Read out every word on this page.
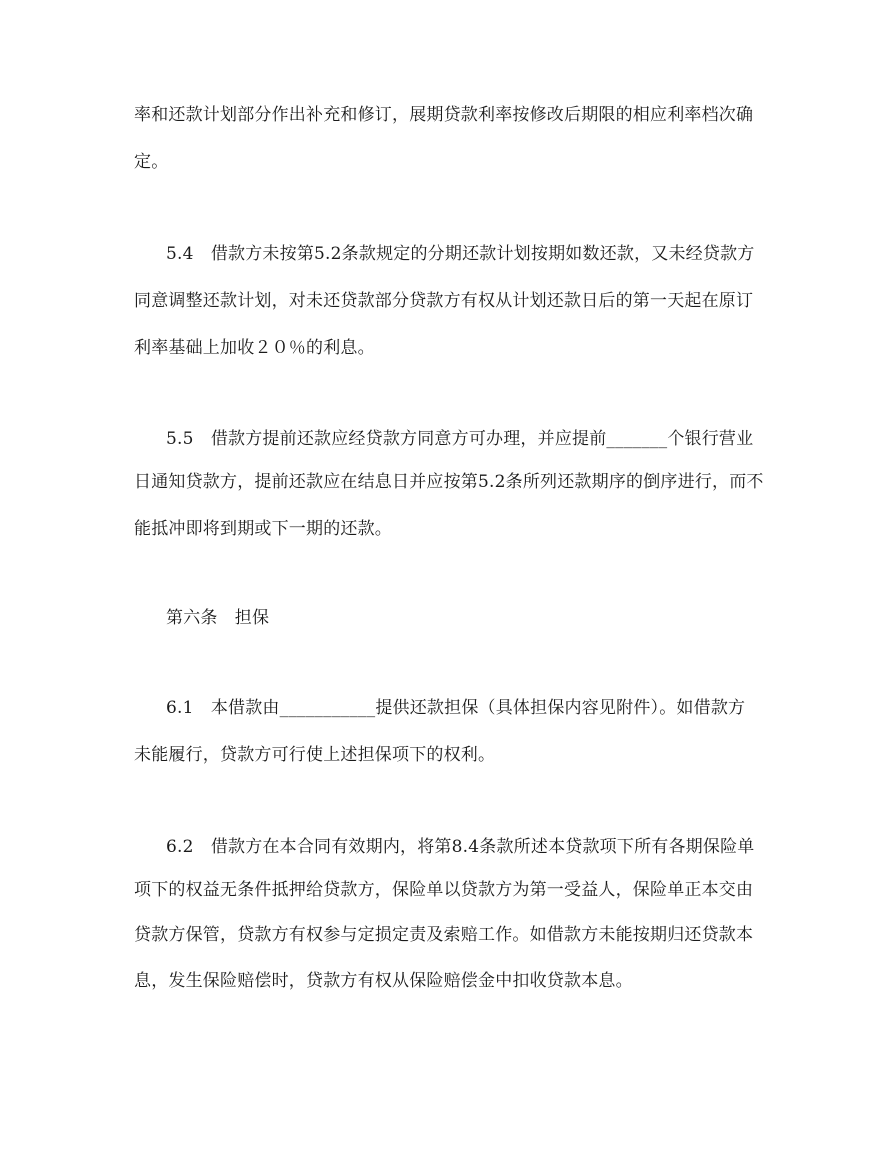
率和还款计划部分作出补充和修订，展期贷款利率按修改后期限的相应利率档次确

定。

5.4　借款方未按第5.2条款规定的分期还款计划按期如数还款，又未经贷款方

同意调整还款计划，对未还贷款部分贷款方有权从计划还款日后的第一天起在原订

利率基础上加收２０％的利息。

5.5　借款方提前还款应经贷款方同意方可办理，并应提前_______个银行营业

日通知贷款方，提前还款应在结息日并应按第5.2条所列还款期序的倒序进行，而不

能抵冲即将到期或下一期的还款。

第六条　担保

6.1　本借款由___________提供还款担保（具体担保内容见附件）。如借款方

未能履行，贷款方可行使上述担保项下的权利。

6.2　借款方在本合同有效期内，将第8.4条款所述本贷款项下所有各期保险单

项下的权益无条件抵押给贷款方，保险单以贷款方为第一受益人，保险单正本交由

贷款方保管，贷款方有权参与定损定责及索赔工作。如借款方未能按期归还贷款本

息，发生保险赔偿时，贷款方有权从保险赔偿金中扣收贷款本息。
